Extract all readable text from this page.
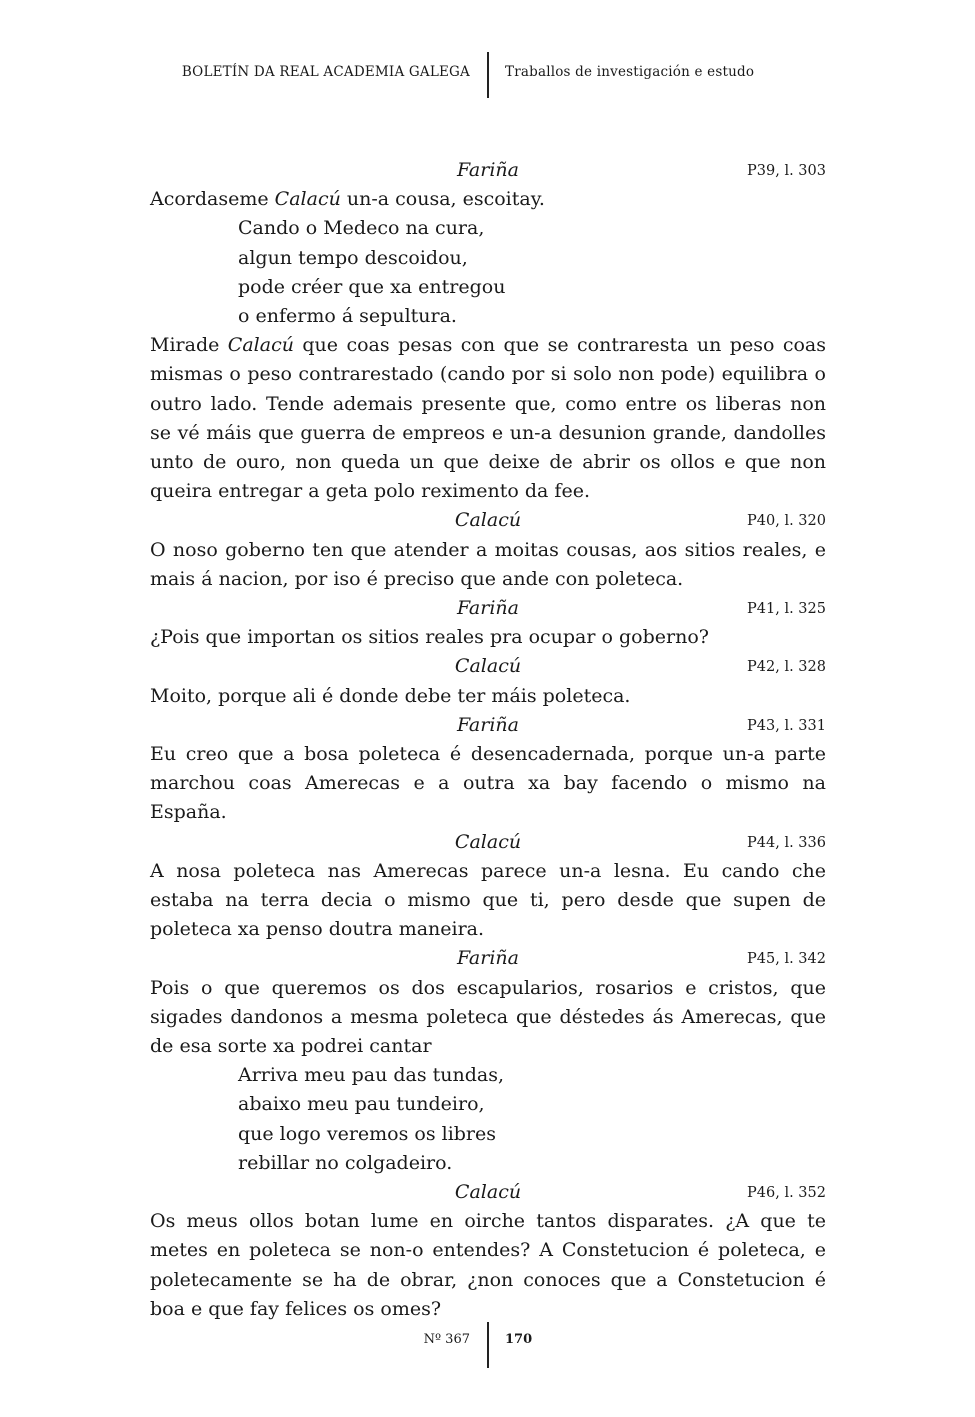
BOLETÍN DA REAL ACADEMIA GALEGA	Traballos de investigación e estudo
Fariña	P39, l. 303
Acordaseme Calacú un-a cousa, escoitay.
Cando o Medeco na cura,
algun tempo descoidou,
pode créer que xa entregou
o enfermo á sepultura.
Mirade Calacú que coas pesas con que se contraresta un peso coas mismas o peso contrarestado (cando por si solo non pode) equilibra o outro lado. Tende ademais presente que, como entre os liberas non se vé máis que guerra de empreos e un-a desunion grande, dandolles unto de ouro, non queda un que deixe de abrir os ollos e que non queira entregar a geta polo reximento da fee.
Calacú	P40, l. 320
O noso goberno ten que atender a moitas cousas, aos sitios reales, e mais á nacion, por iso é preciso que ande con poleteca.
Fariña	P41, l. 325
¿Pois que importan os sitios reales pra ocupar o goberno?
Calacú	P42, l. 328
Moito, porque ali é donde debe ter máis poleteca.
Fariña	P43, l. 331
Eu creo que a bosa poleteca é desencadernada, porque un-a parte marchou coas Amerecas e a outra xa bay facendo o mismo na España.
Calacú	P44, l. 336
A nosa poleteca nas Amerecas parece un-a lesna. Eu cando che estaba na terra decia o mismo que ti, pero desde que supen de poleteca xa penso doutra maneira.
Fariña	P45, l. 342
Pois o que queremos os dos escapularios, rosarios e cristos, que sigades dandonos a mesma poleteca que déstedes ás Amerecas, que de esa sorte xa podrei cantar
Arriva meu pau das tundas,
abaixo meu pau tundeiro,
que logo veremos os libres
rebillar no colgadeiro.
Calacú	P46, l. 352
Os meus ollos botan lume en oirche tantos disparates. ¿A que te metes en poleteca se non-o entendes? A Constetucion é poleteca, e poletecamente se ha de obrar, ¿non conoces que a Constetucion é boa e que fay felices os omes?
Nº 367	170
